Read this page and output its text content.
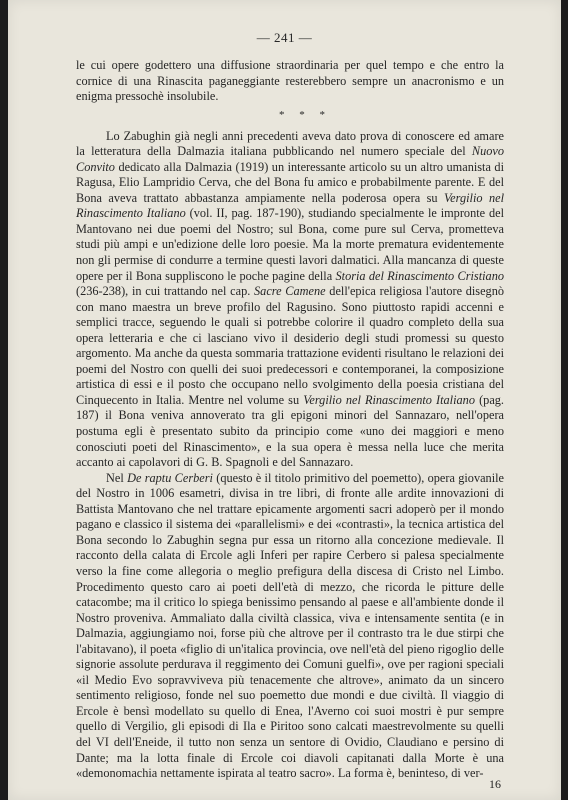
— 241 —

le cui opere godettero una diffusione straordinaria per quel tempo e che entro la cornice di una Rinascita paganeggiante resterebbero sempre un anacronismo e un enigma pressochè insolubile.

* * *

Lo Zabughin già negli anni precedenti aveva dato prova di conoscere ed amare la letteratura della Dalmazia italiana pubblicando nel numero speciale del Nuovo Convito dedicato alla Dalmazia (1919) un interessante articolo su un altro umanista di Ragusa, Elio Lampridio Cerva, che del Bona fu amico e probabilmente parente. E del Bona aveva trattato abbastanza ampiamente nella poderosa opera su Vergilio nel Rinascimento Italiano (vol. II, pag. 187-190), studiando specialmente le impronte del Mantovano nei due poemi del Nostro; sul Bona, come pure sul Cerva, prometteva studi più ampi e un'edizione delle loro poesie. Ma la morte prematura evidentemente non gli permise di condurre a termine questi lavori dalmatici. Alla mancanza di queste opere per il Bona suppliscono le poche pagine della Storia del Rinascimento Cristiano (236-238), in cui trattando nel cap. Sacre Camene dell'epica religiosa l'autore disegnò con mano maestra un breve profilo del Ragusino. Sono piuttosto rapidi accenni e semplici tracce, seguendo le quali si potrebbe colorire il quadro completo della sua opera letteraria e che ci lasciano vivo il desiderio degli studi promessi su questo argomento. Ma anche da questa sommaria trattazione evidenti risultano le relazioni dei poemi del Nostro con quelli dei suoi predecessori e contemporanei, la composizione artistica di essi e il posto che occupano nello svolgimento della poesia cristiana del Cinquecento in Italia. Mentre nel volume su Vergilio nel Rinascimento Italiano (pag. 187) il Bona veniva annoverato tra gli epigoni minori del Sannazaro, nell'opera postuma egli è presentato subito da principio come «uno dei maggiori e meno conosciuti poeti del Rinascimento», e la sua opera è messa nella luce che merita accanto ai capolavori di G. B. Spagnoli e del Sannazaro.

Nel De raptu Cerberi (questo è il titolo primitivo del poemetto), opera giovanile del Nostro in 1006 esametri, divisa in tre libri, di fronte alle ardite innovazioni di Battista Mantovano che nel trattare epicamente argomenti sacri adoperò per il mondo pagano e classico il sistema dei «parallelismi» e dei «contrasti», la tecnica artistica del Bona secondo lo Zabughin segna pur essa un ritorno alla concezione medievale. Il racconto della calata di Ercole agli Inferi per rapire Cerbero si palesa specialmente verso la fine come allegoria o meglio prefigura della discesa di Cristo nel Limbo. Procedimento questo caro ai poeti dell'età di mezzo, che ricorda le pitture delle catacombe; ma il critico lo spiega benissimo pensando al paese e all'ambiente donde il Nostro proveniva. Ammaliato dalla civiltà classica, viva e intensamente sentita (e in Dalmazia, aggiungiamo noi, forse più che altrove per il contrasto tra le due stirpi che l'abitavano), il poeta «figlio di un'italica provincia, ove nell'età del pieno rigoglio delle signorie assolute perdurava il reggimento dei Comuni guelfi», ove per ragioni speciali «il Medio Evo sopravviveva più tenacemente che altrove», animato da un sincero sentimento religioso, fonde nel suo poemetto due mondi e due civiltà. Il viaggio di Ercole è bensì modellato su quello di Enea, l'Averno coi suoi mostri è pur sempre quello di Vergilio, gli episodi di Ila e Piritoo sono calcati maestrevolmente su quelli del VI dell'Eneide, il tutto non senza un sentore di Ovidio, Claudiano e persino di Dante; ma la lotta finale di Ercole coi diavoli capitanati dalla Morte è una «demonomachia nettamente ispirata al teatro sacro». La forma è, beninteso, di ver-

16
